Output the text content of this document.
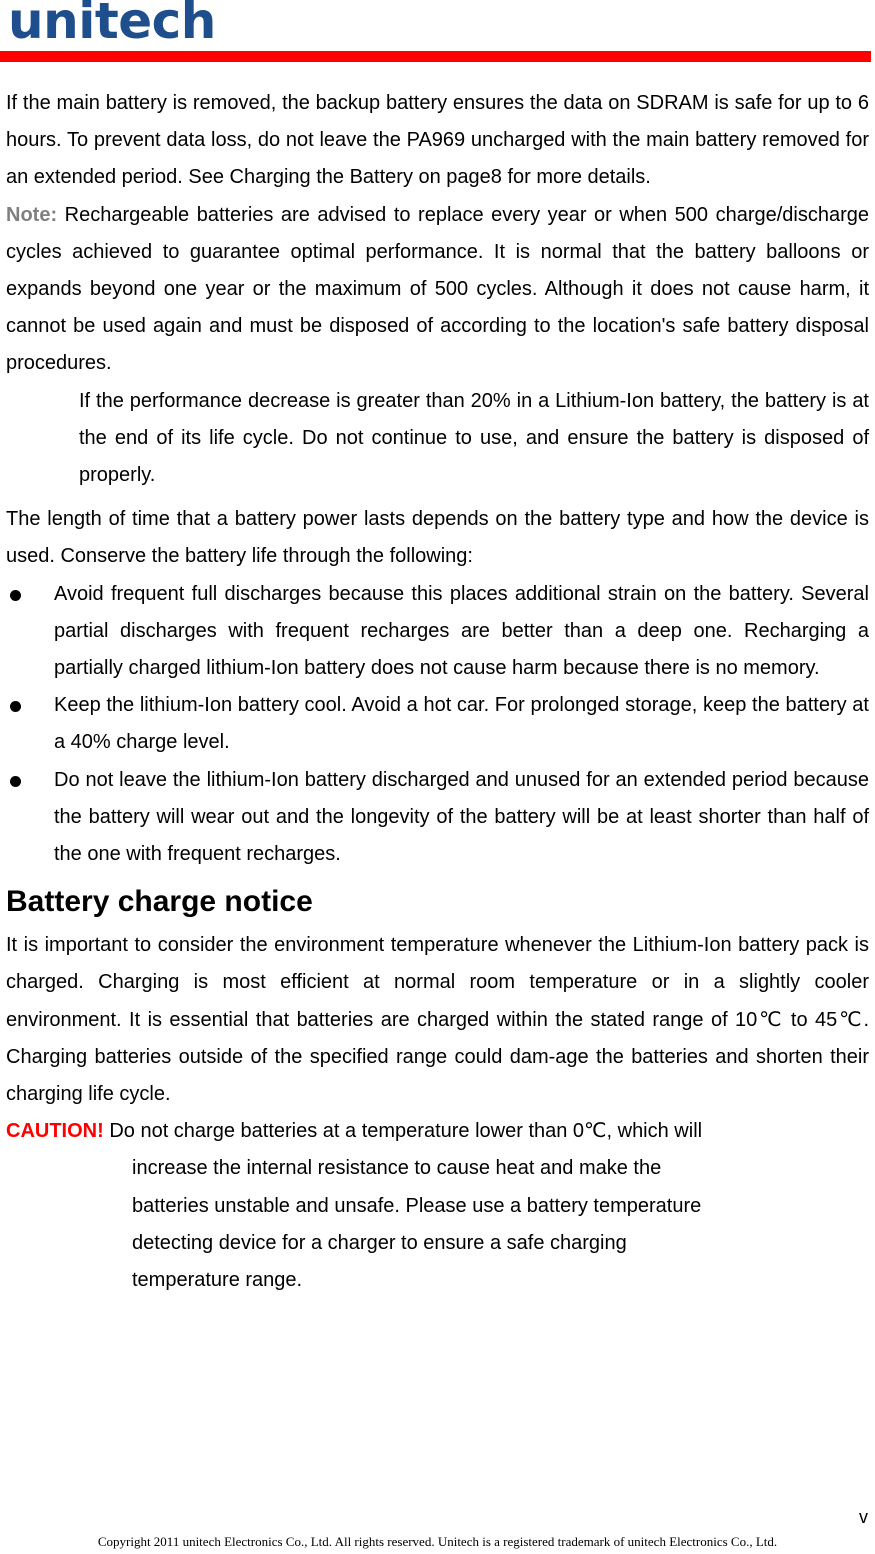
unitech

If the main battery is removed, the backup battery ensures the data on SDRAM is safe for up to 6 hours. To prevent data loss, do not leave the PA969 uncharged with the main battery removed for an extended period. See Charging the Battery on page8 for more details.

Note: Rechargeable batteries are advised to replace every year or when 500 charge/discharge cycles achieved to guarantee optimal performance. It is normal that the battery balloons or expands beyond one year or the maximum of 500 cycles. Although it does not cause harm, it cannot be used again and must be disposed of according to the location's safe battery disposal procedures.

If the performance decrease is greater than 20% in a Lithium-Ion battery, the battery is at the end of its life cycle. Do not continue to use, and ensure the battery is disposed of properly.

The length of time that a battery power lasts depends on the battery type and how the device is used. Conserve the battery life through the following:

Avoid frequent full discharges because this places additional strain on the battery. Several partial discharges with frequent recharges are better than a deep one. Recharging a partially charged lithium-Ion battery does not cause harm because there is no memory.
Keep the lithium-Ion battery cool. Avoid a hot car. For prolonged storage, keep the battery at a 40% charge level.
Do not leave the lithium-Ion battery discharged and unused for an extended period because the battery will wear out and the longevity of the battery will be at least shorter than half of the one with frequent recharges.
Battery charge notice

It is important to consider the environment temperature whenever the Lithium-Ion battery pack is charged. Charging is most efficient at normal room temperature or in a slightly cooler environment. It is essential that batteries are charged within the stated range of 10℃ to 45℃. Charging batteries outside of the specified range could dam-age the batteries and shorten their charging life cycle.

CAUTION! Do not charge batteries at a temperature lower than 0℃, which will
increase the internal resistance to cause heat and make the
batteries unstable and unsafe. Please use a battery temperature
detecting device for a charger to ensure a safe charging
temperature range.
v
Copyright 2011 unitech Electronics Co., Ltd. All rights reserved. Unitech is a registered trademark of unitech Electronics Co., Ltd.
